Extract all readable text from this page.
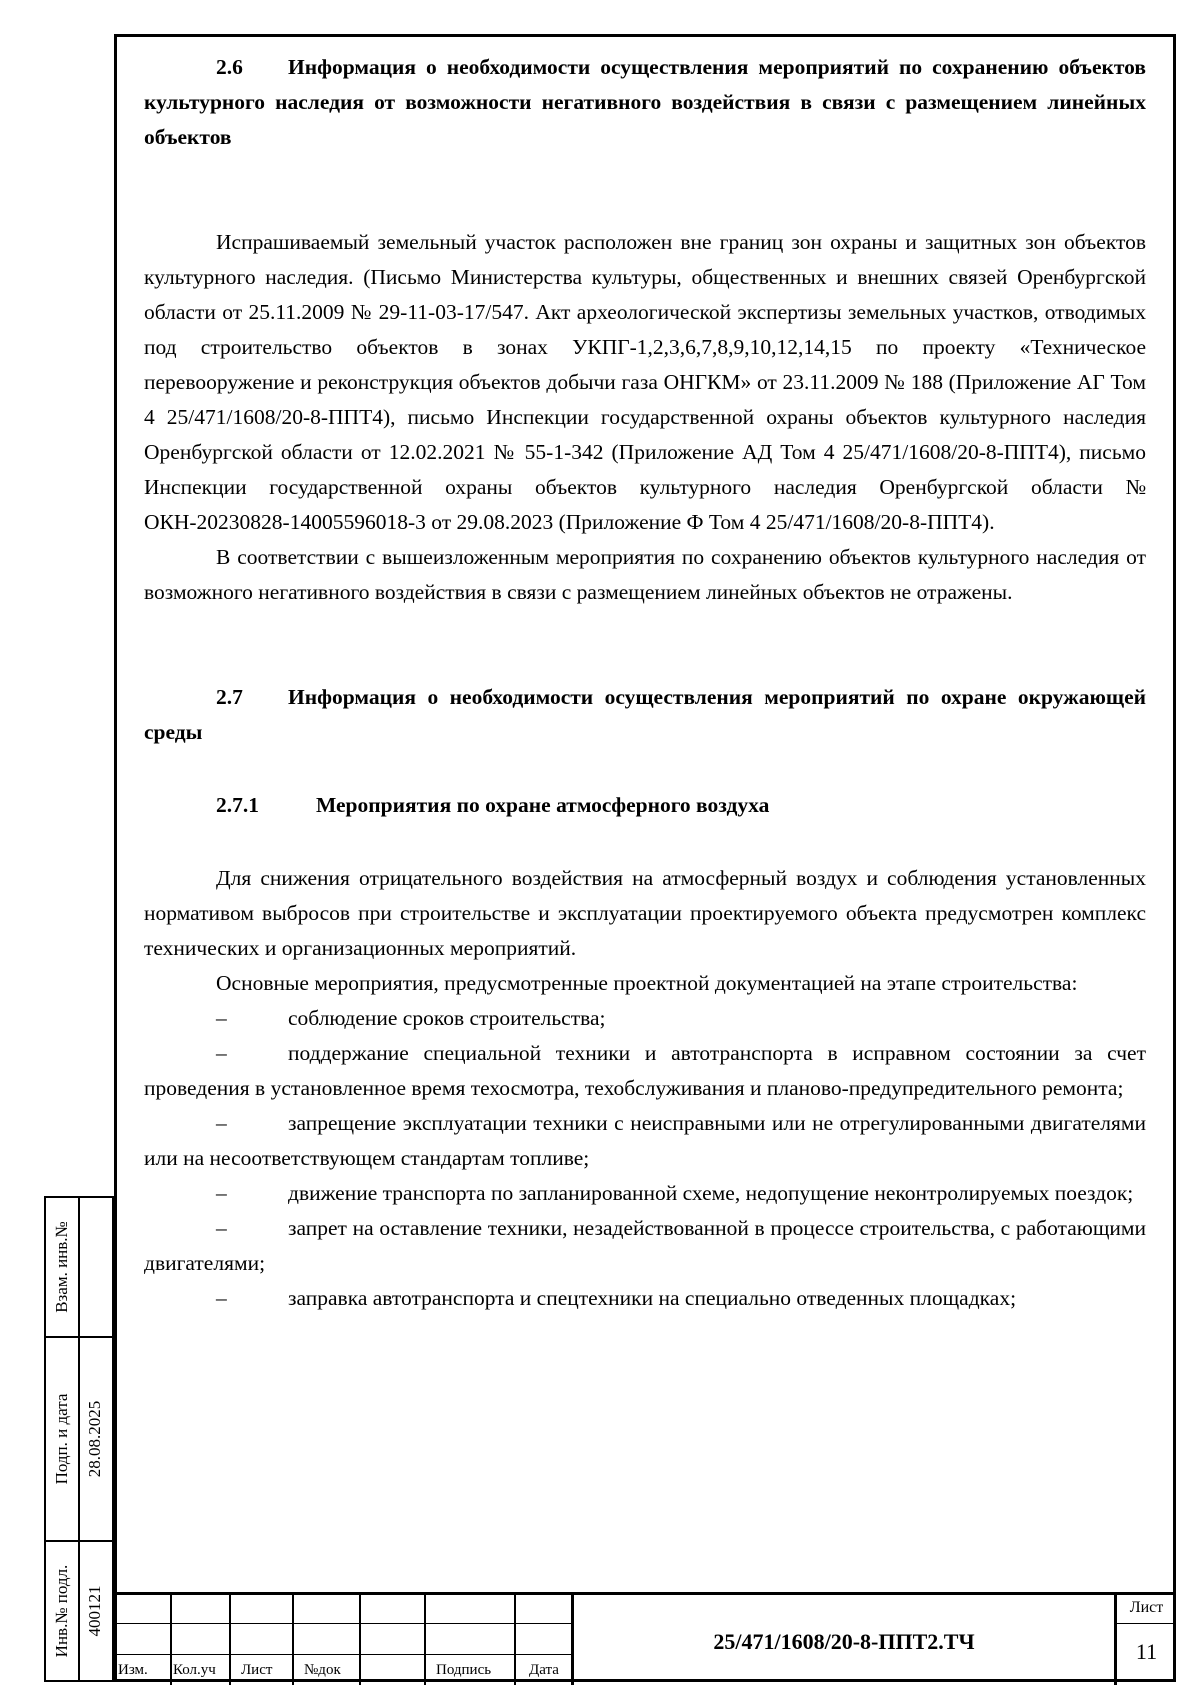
2.6 Информация о необходимости осуществления мероприятий по сохранению объектов культурного наследия от возможности негативного воздействия в связи с размещением линейных объектов

Испрашиваемый земельный участок расположен вне границ зон охраны и защитных зон объектов культурного наследия. (Письмо Министерства культуры, общественных и внешних связей Оренбургской области от 25.11.2009 № 29-11-03-17/547. Акт археологической экспертизы земельных участков, отводимых под строительство объектов в зонах УКПГ-1,2,3,6,7,8,9,10,12,14,15 по проекту «Техническое перевооружение и реконструкция объектов добычи газа ОНГКМ» от 23.11.2009 № 188 (Приложение АГ Том 4 25/471/1608/20-8-ППТ4), письмо Инспекции государственной охраны объектов культурного наследия Оренбургской области от 12.02.2021 № 55-1-342 (Приложение АД Том 4 25/471/1608/20-8-ППТ4), письмо Инспекции государственной охраны объектов культурного наследия Оренбургской области № ОКН-20230828-14005596018-3 от 29.08.2023 (Приложение Ф Том 4 25/471/1608/20-8-ППТ4).

В соответствии с вышеизложенным мероприятия по сохранению объектов культурного наследия от возможного негативного воздействия в связи с размещением линейных объектов не отражены.

2.7 Информация о необходимости осуществления мероприятий по охране окружающей среды

2.7.1	Мероприятия по охране атмосферного воздуха

Для снижения отрицательного воздействия на атмосферный воздух и соблюдения установленных нормативом выбросов при строительстве и эксплуатации проектируемого объекта предусмотрен комплекс технических и организационных мероприятий.

Основные мероприятия, предусмотренные проектной документацией на этапе строительства:

–	соблюдение сроков строительства;

–	поддержание специальной техники и автотранспорта в исправном состоянии за счет проведения в установленное время техосмотра, техобслуживания и планово-предупредительного ремонта;

–	запрещение эксплуатации техники с неисправными или не отрегулированными двигателями или на несоответствующем стандартам топливе;

–	движение транспорта по запланированной схеме, недопущение неконтролируемых поездок;

–	запрет на оставление техники, незадействованной в процессе строительства, с работающими двигателями;

–	заправка автотранспорта и спецтехники на специально отведенных площадках;

Взам. инв.№
Подп. и дата 28.08.2025
Инв.№ подл. 400121
Изм. Кол.уч Лист №док	Подпись	Дата
25/471/1608/20-8-ППТ2.ТЧ
Лист
11
